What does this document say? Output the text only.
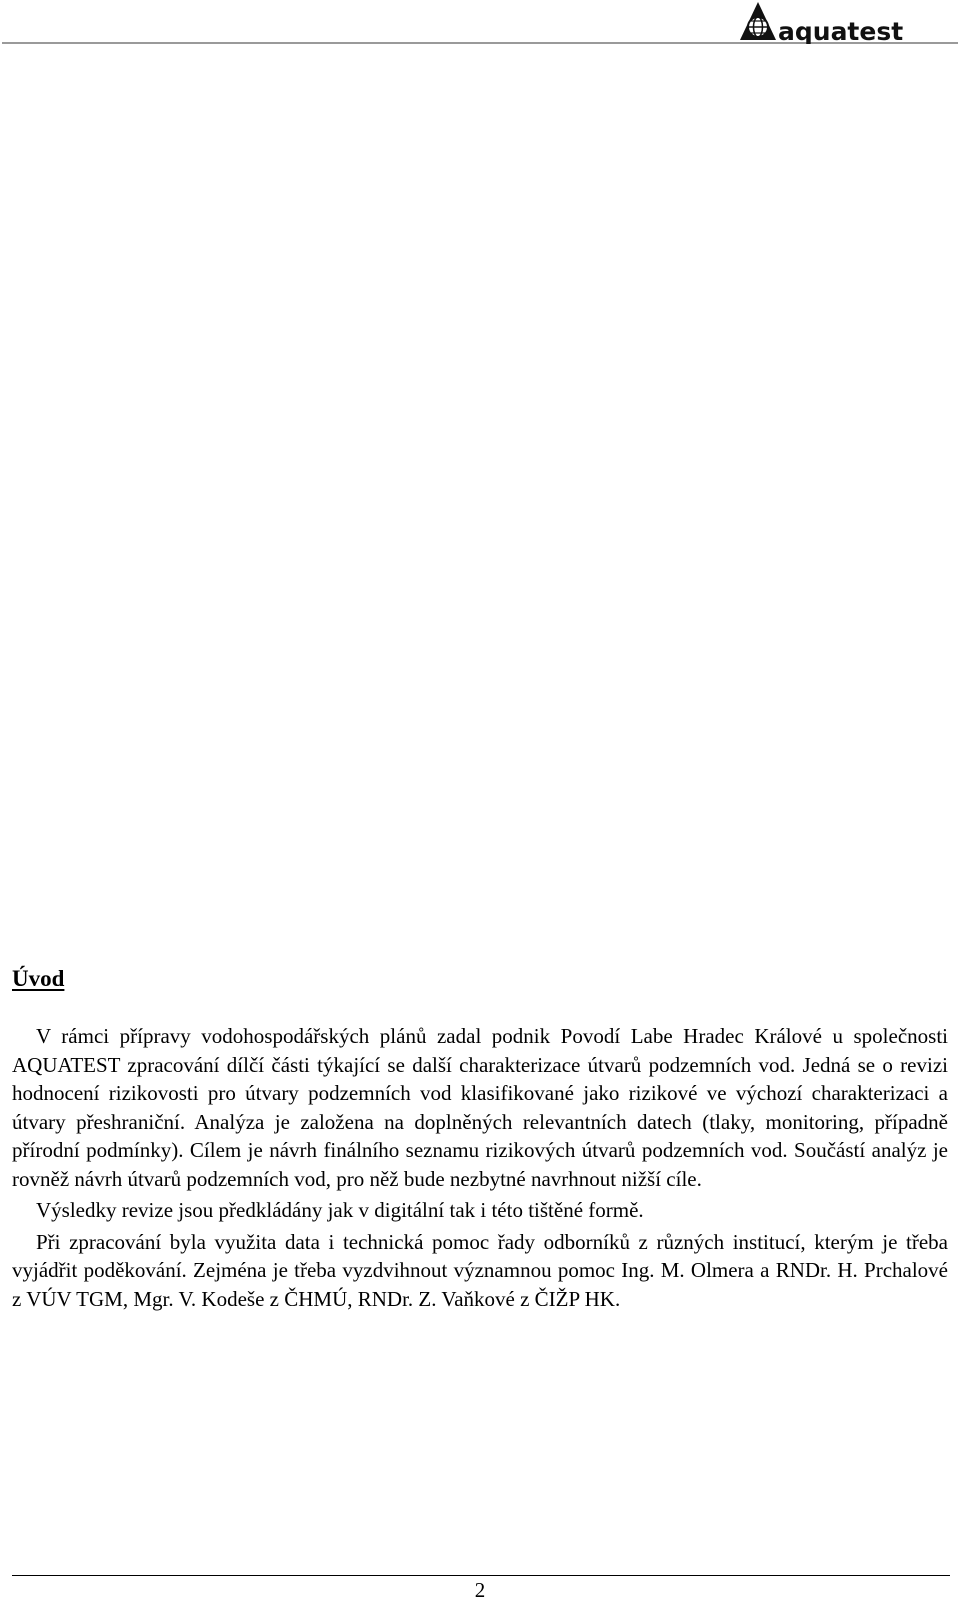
aquatest
Úvod

V rámci přípravy vodohospodářských plánů zadal podnik Povodí Labe Hradec Králové u společnosti AQUATEST zpracování dílčí části týkající se další charakterizace útvarů podzemních vod. Jedná se o revizi hodnocení rizikovosti pro útvary podzemních vod klasifikované jako rizikové ve výchozí charakterizaci a útvary přeshraniční. Analýza je založena na doplněných relevantních datech (tlaky, monitoring, případně přírodní podmínky). Cílem je návrh finálního seznamu rizikových útvarů podzemních vod. Součástí analýz je rovněž návrh útvarů podzemních vod, pro něž bude nezbytné navrhnout nižší cíle.

Výsledky revize jsou předkládány jak v digitální tak i této tištěné formě.

Při zpracování byla využita data i technická pomoc řady odborníků z různých institucí, kterým je třeba vyjádřit poděkování. Zejména je třeba vyzdvihnout významnou pomoc Ing. M. Olmera a RNDr. H. Prchalové z VÚV TGM, Mgr. V. Kodeše z ČHMÚ, RNDr. Z. Vaňkové z ČIŽP HK.

2
